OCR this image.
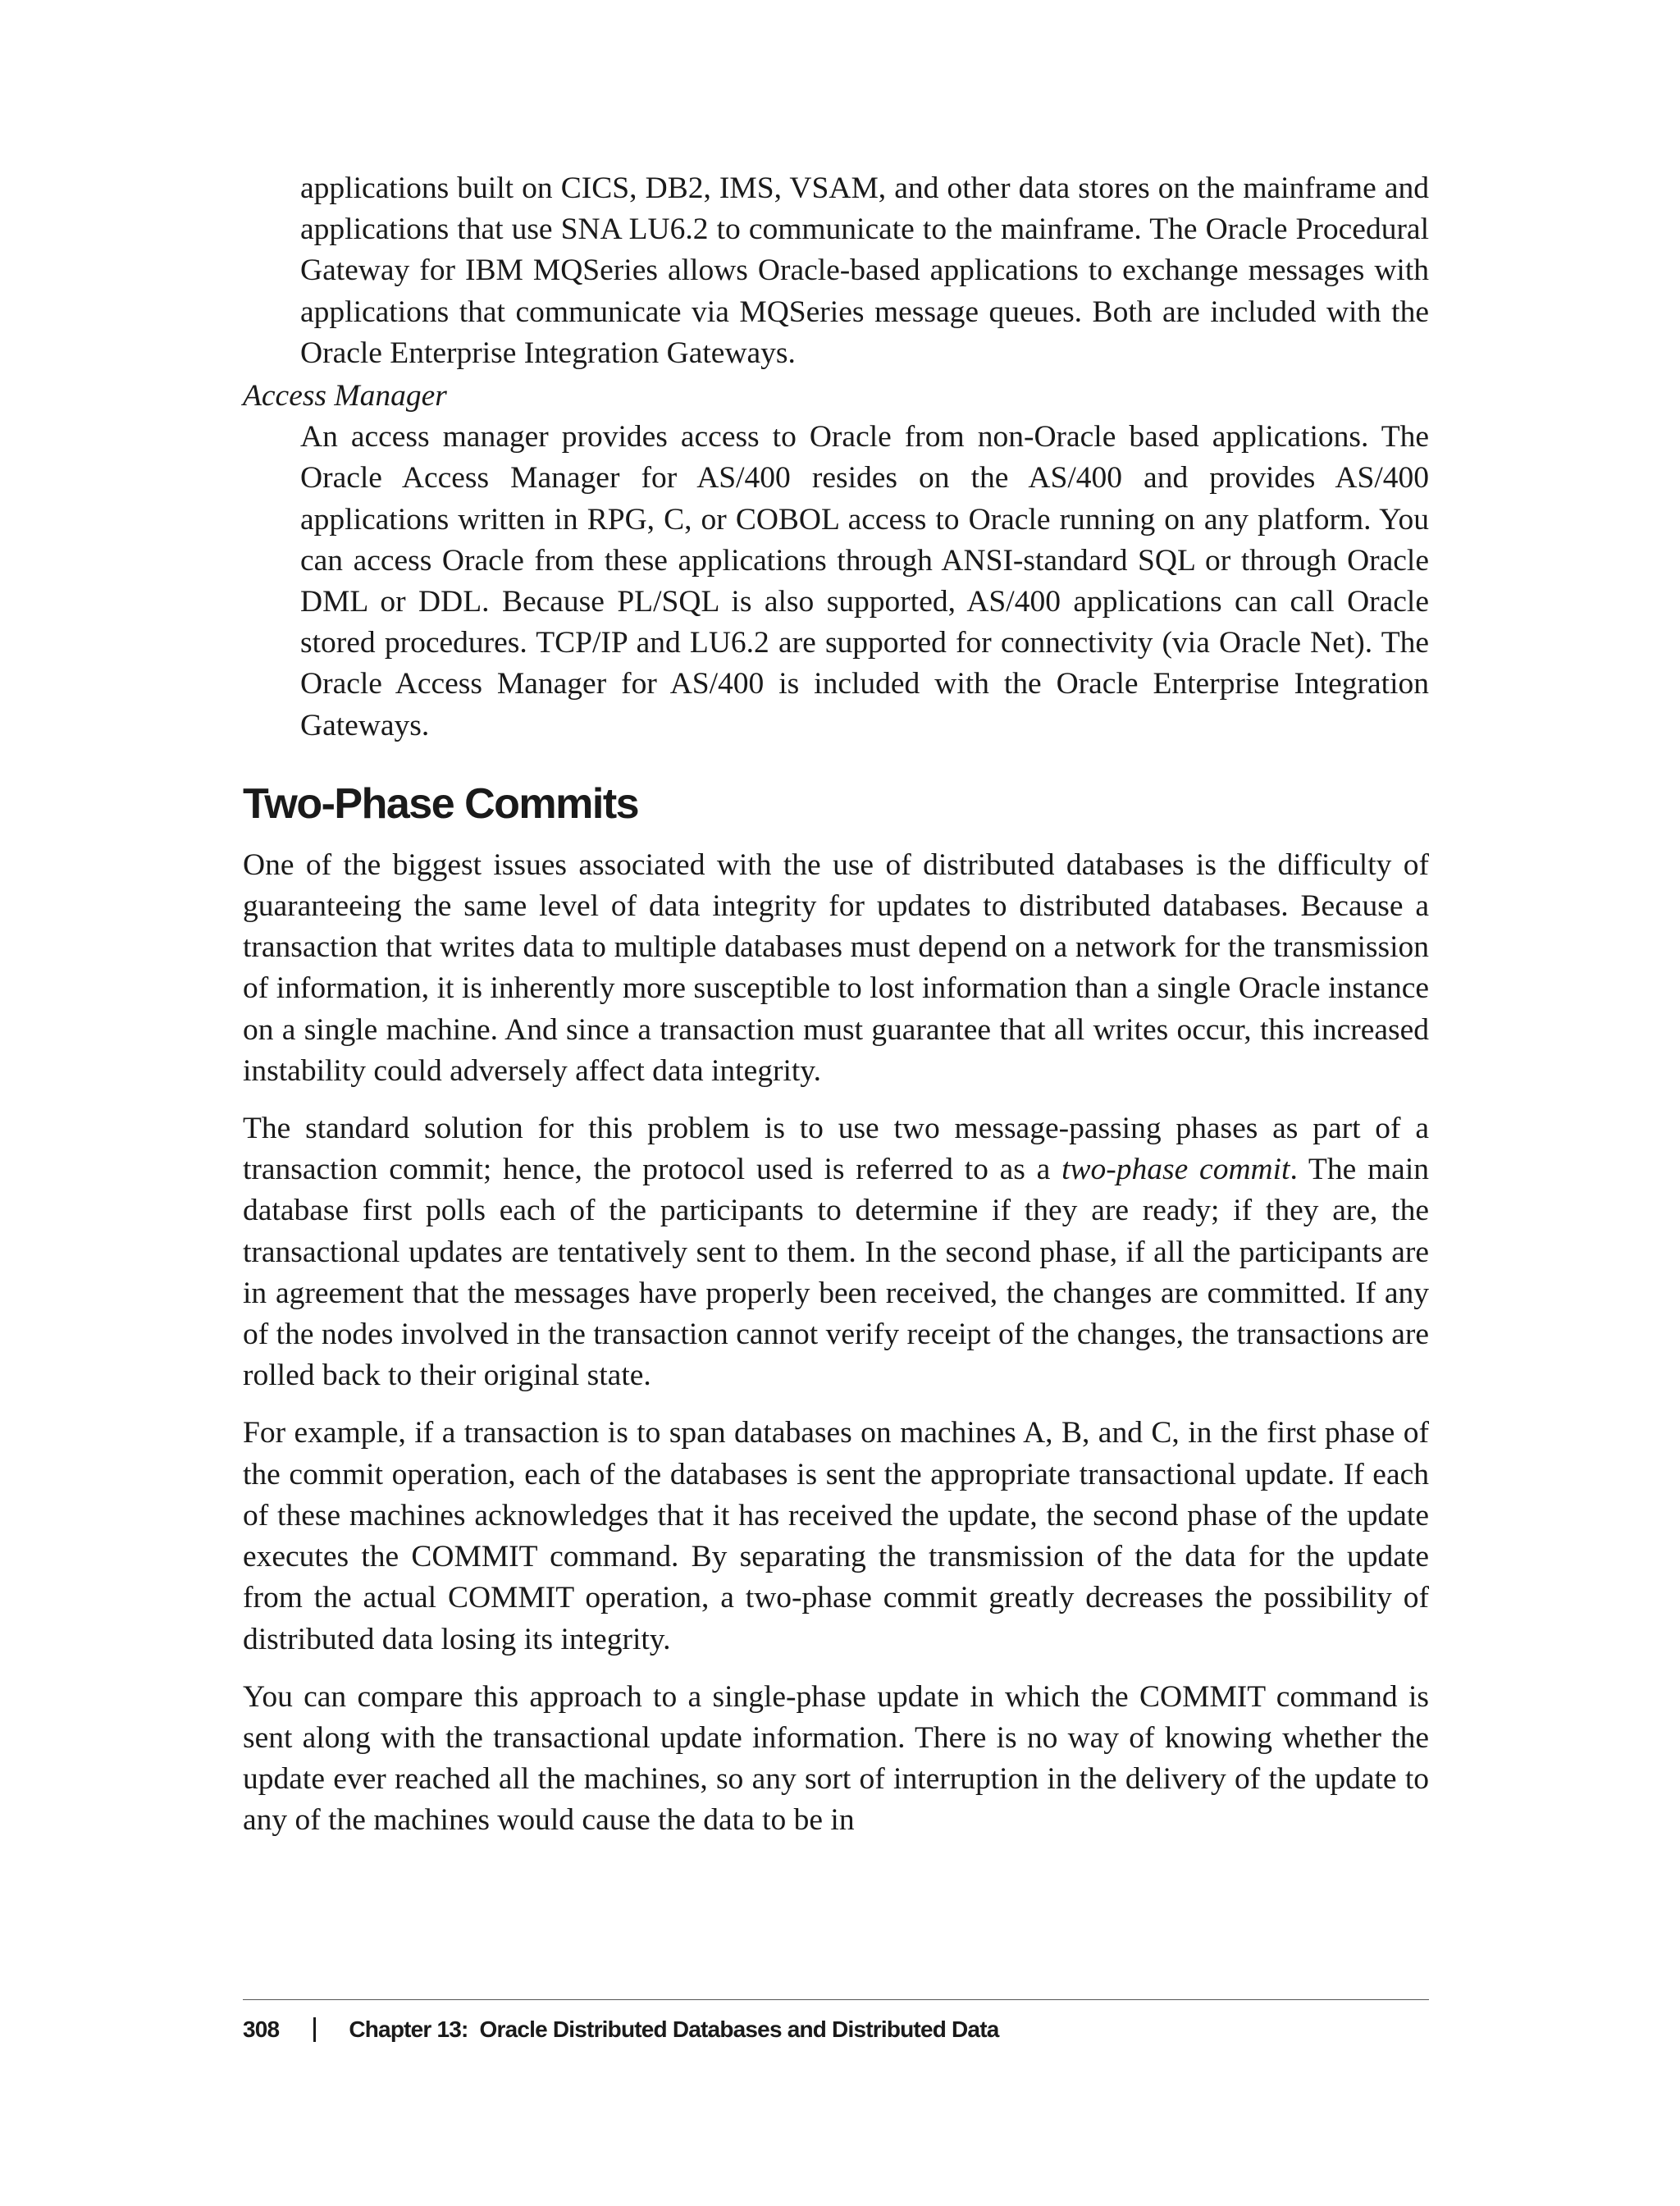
applications built on CICS, DB2, IMS, VSAM, and other data stores on the mainframe and applications that use SNA LU6.2 to communicate to the mainframe. The Oracle Procedural Gateway for IBM MQSeries allows Oracle-based applications to exchange messages with applications that communicate via MQSeries message queues. Both are included with the Oracle Enterprise Integration Gateways.

Access Manager

An access manager provides access to Oracle from non-Oracle based applications. The Oracle Access Manager for AS/400 resides on the AS/400 and provides AS/400 applications written in RPG, C, or COBOL access to Oracle running on any platform. You can access Oracle from these applications through ANSI-standard SQL or through Oracle DML or DDL. Because PL/SQL is also supported, AS/400 applications can call Oracle stored procedures. TCP/IP and LU6.2 are supported for connectivity (via Oracle Net). The Oracle Access Manager for AS/400 is included with the Oracle Enterprise Integration Gateways.

Two-Phase Commits

One of the biggest issues associated with the use of distributed databases is the difficulty of guaranteeing the same level of data integrity for updates to distributed databases. Because a transaction that writes data to multiple databases must depend on a network for the transmission of information, it is inherently more susceptible to lost information than a single Oracle instance on a single machine. And since a transaction must guarantee that all writes occur, this increased instability could adversely affect data integrity.

The standard solution for this problem is to use two message-passing phases as part of a transaction commit; hence, the protocol used is referred to as a two-phase commit. The main database first polls each of the participants to determine if they are ready; if they are, the transactional updates are tentatively sent to them. In the second phase, if all the participants are in agreement that the messages have properly been received, the changes are committed. If any of the nodes involved in the transaction cannot verify receipt of the changes, the transactions are rolled back to their original state.

For example, if a transaction is to span databases on machines A, B, and C, in the first phase of the commit operation, each of the databases is sent the appropriate transactional update. If each of these machines acknowledges that it has received the update, the second phase of the update executes the COMMIT command. By separating the transmission of the data for the update from the actual COMMIT operation, a two-phase commit greatly decreases the possibility of distributed data losing its integrity.

You can compare this approach to a single-phase update in which the COMMIT command is sent along with the transactional update information. There is no way of knowing whether the update ever reached all the machines, so any sort of interruption in the delivery of the update to any of the machines would cause the data to be in

308	Chapter 13:  Oracle Distributed Databases and Distributed Data
